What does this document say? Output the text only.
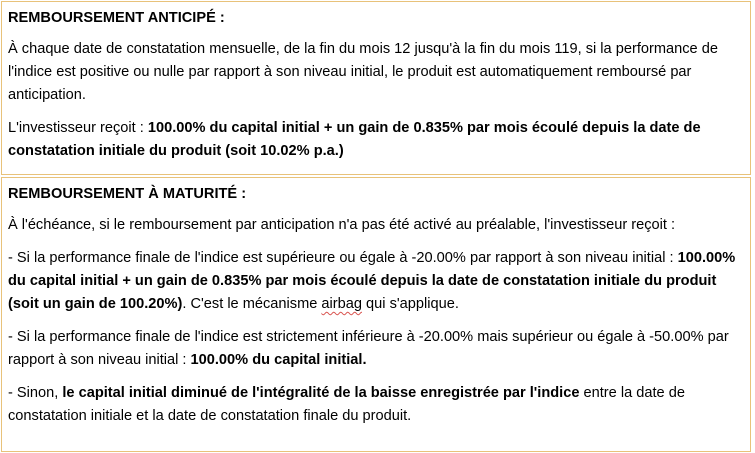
REMBOURSEMENT ANTICIPÉ :

À chaque date de constatation mensuelle, de la fin du mois 12 jusqu'à la fin du mois 119, si la performance de l'indice est positive ou nulle par rapport à son niveau initial, le produit est automatiquement remboursé par anticipation.

L'investisseur reçoit : 100.00% du capital initial + un gain de 0.835% par mois écoulé depuis la date de constatation initiale du produit (soit 10.02% p.a.)

REMBOURSEMENT À MATURITÉ :

À l'échéance, si le remboursement par anticipation n'a pas été activé au préalable, l'investisseur reçoit :

- Si la performance finale de l'indice est supérieure ou égale à -20.00% par rapport à son niveau initial : 100.00% du capital initial + un gain de 0.835% par mois écoulé depuis la date de constatation initiale du produit (soit un gain de 100.20%). C'est le mécanisme airbag qui s'applique.

- Si la performance finale de l'indice est strictement inférieure à -20.00% mais supérieur ou égale à -50.00% par rapport à son niveau initial : 100.00% du capital initial.

- Sinon, le capital initial diminué de l'intégralité de la baisse enregistrée par l'indice entre la date de constatation initiale et la date de constatation finale du produit.
